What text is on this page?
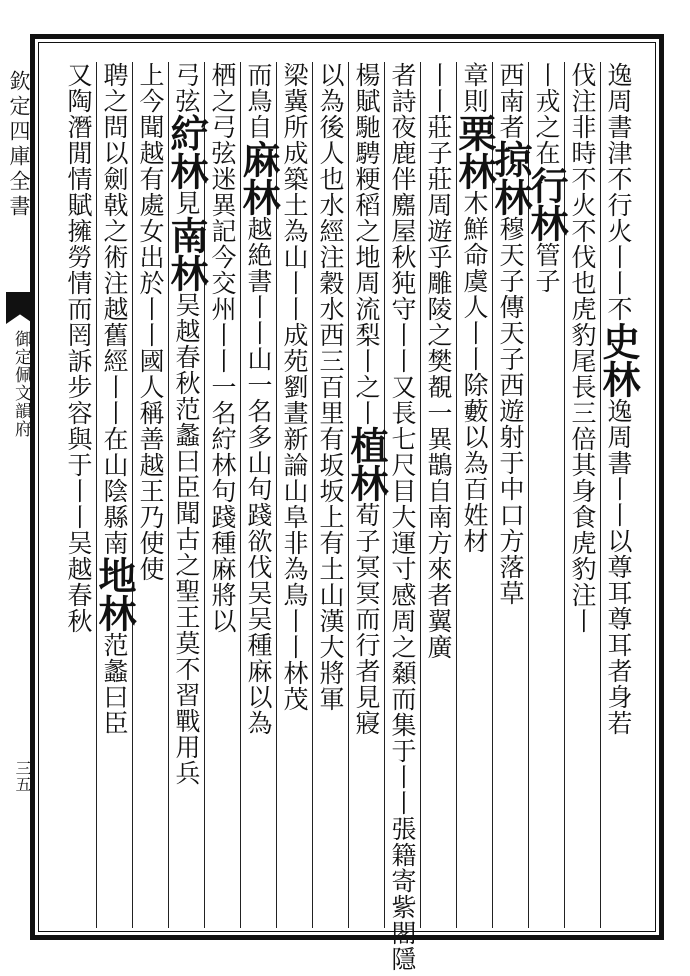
欽定四庫全書
御定佩文韻府
三五
逸周書津不行火丨丨不史林逸周書丨丨以尊耳尊耳者身若
伐注非時不火不伐也虎豹尾長三倍其身食虎豹注丨
丨戎之在行林管子
西南者掠林穆天子傳天子西遊射于中口方落草
章則栗林木鮮命虞人丨丨除藪以為百姓材
丨丨莊子莊周遊乎雕陵之樊覩一異鵲自南方來者翼廣
者詩夜鹿伴䴥屋秋㹠守丨丨又長七尺目大運寸感周之顙而集于丨丨張籍寄紫閣隱
楊賦馳騁粳稻之地周流梨丨之丨植林荀子冥冥而行者見寢
以為後人也水經注穀水西三百里有坂坂上有土山漢大將軍
梁冀所成築土為山丨丨成苑劉晝新論山阜非為鳥丨丨林茂
而鳥自麻林越絶書丨丨山一名多山句踐欲伐吴吴種麻以為
栖之弓弦迷異記今交州丨丨一名紵林句踐種麻將以
弓弦紵林見南林吴越春秋范蠡曰臣聞古之聖王莫不習戰用兵
上今聞越有處女出於丨丨國人稱善越王乃使使
聘之問以劍戟之術注越舊經丨丨在山陰縣南地林范蠡曰臣
又陶潛閒情賦擁勞情而罔訴步容與于丨丨吴越春秋
